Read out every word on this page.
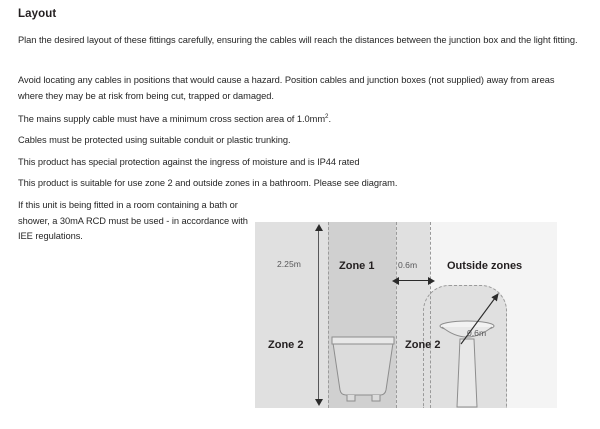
Layout
Plan the desired layout of these fittings carefully, ensuring the cables will reach the distances between the junction box and the light fitting.
Avoid locating any cables in positions that would cause a hazard. Position cables and junction boxes (not supplied) away from areas where they may be at risk from being cut, trapped or damaged.
The mains supply cable must have a minimum cross section area of $1.0mm^2$.
Cables must be protected using suitable conduit or plastic trunking.
This product has special protection against the ingress of moisture and is IP44 rated
This product is suitable for use zone 2 and outside zones in a bathroom. Please see diagram.
If this unit is being fitted in a room containing a bath or shower, a 30mA RCD must be used - in accordance with IEE regulations.
2.25m	0.6m
0.6m
Zone 1	Outside zones
Zone 2	Zone 2
